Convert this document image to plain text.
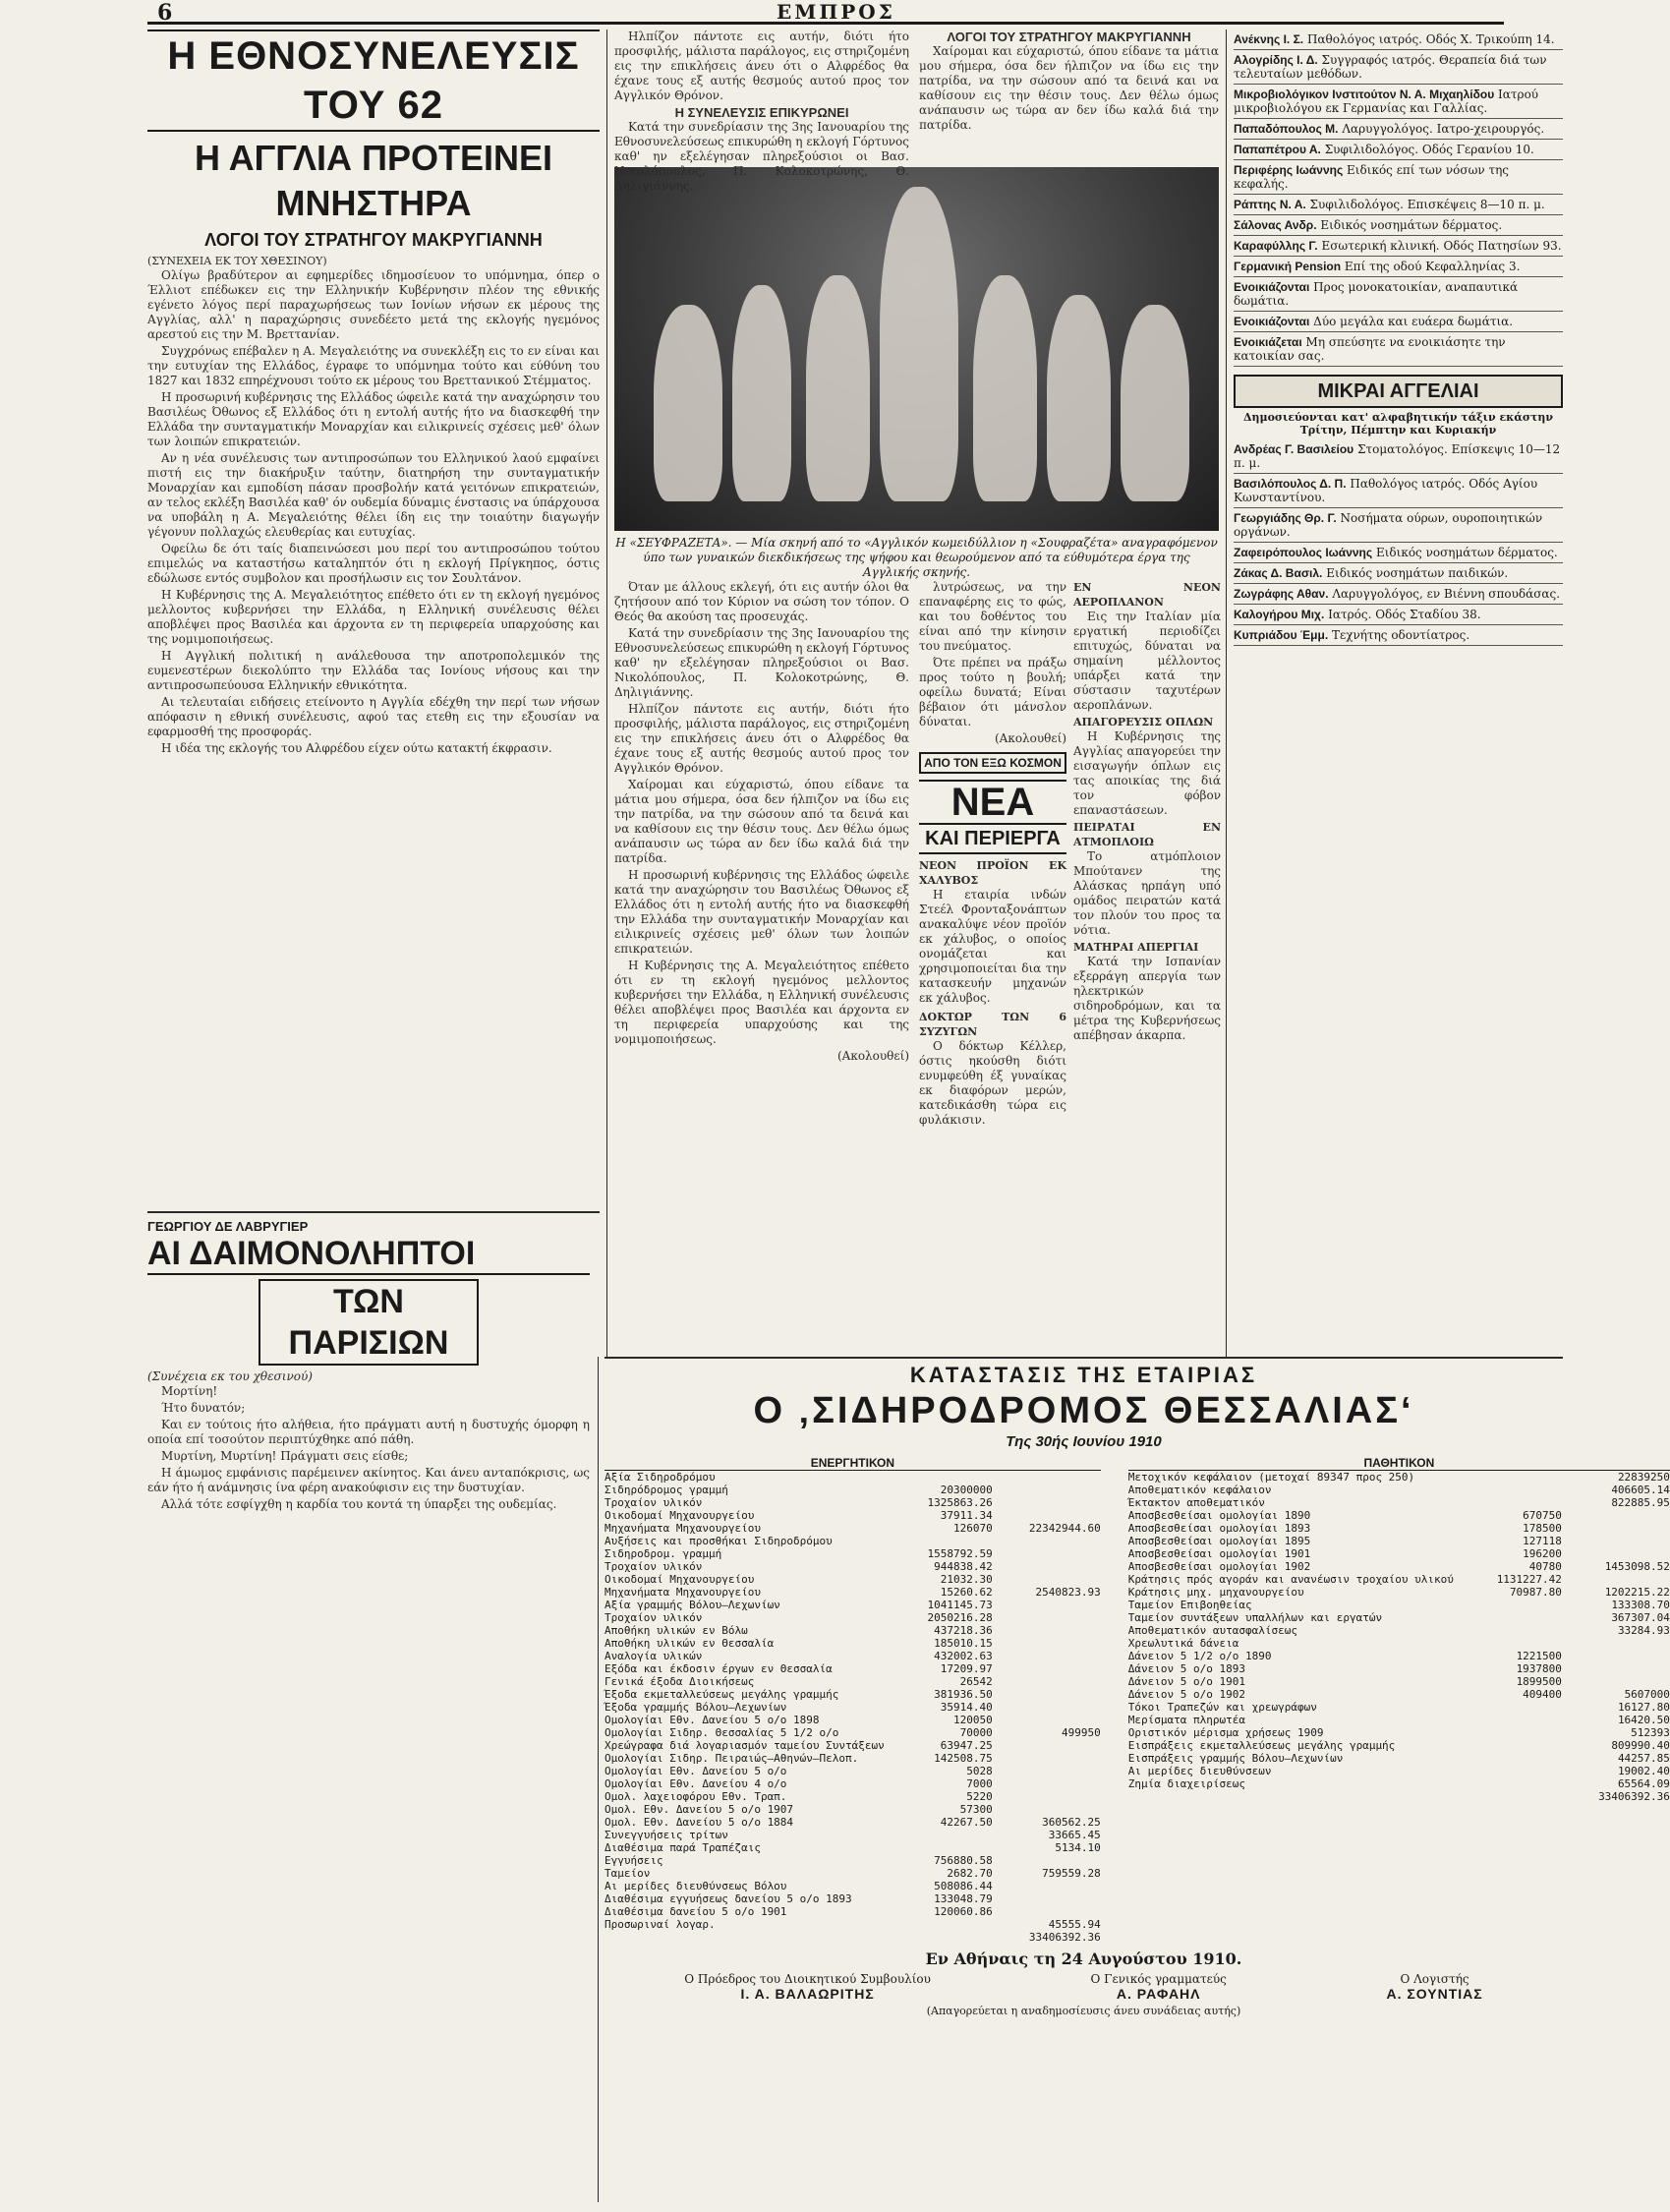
6	ΕΜΠΡΟΣ
Η ΕΘΝΟΣΥΝΕΛΕΥΣΙΣ ΤΟΥ 62
Η ΑΓΓΛΙΑ ΠΡΟΤΕΙΝΕΙ ΜΝΗΣΤΗΡΑ
ΛΟΓΟΙ ΤΟΥ ΣΤΡΑΤΗΓΟΥ ΜΑΚΡΥΓΙΑΝΝΗ
(ΣΥΝΕΧΕΙΑ ΕΚ ΤΟΥ ΧΘΕΣΙΝΟΥ)

Ολίγω βραδύτερον αι εφημερίδες ιδημοσίευον το υπόμνημα, όπερ ο Έλλιοτ επέδωκεν εις την Ελληνικήν Κυβέρνησιν πλέον της εθνικής εγένετο λόγος περί παραχωρήσεως των Ιονίων νήσων εκ μέρους της Αγγλίας, αλλ' η παραχώρησις συνεδέετο μετά της εκλογής ηγεμόνος αρεστού εις την Μ. Βρεττανίαν.

Συγχρόνως επέβαλεν η Α. Μεγαλειότης να συνεκλέξη εις το εν είναι και την ευτυχίαν της Ελλάδος, έγραφε το υπόμνημα τούτο και εύθύνη του 1827 και 1832 επηρέχνουσι τούτο εκ μέρους του Βρεττανικού Στέμματος.

Η προσωρινή κυβέρνησις της Ελλάδος ώφειλε κατά την αναχώρησιν του Βασιλέως Όθωνος εξ Ελλάδος ότι η εντολή αυτής ήτο να διασκεφθή την Ελλάδα την συνταγματικήν Μοναρχίαν και ειλικρινείς σχέσεις μεθ' όλων των λοιπών επικρατειών.

Αν η νέα συνέλευσις των αντιπροσώπων του Ελληνικού λαού εμφαίνει πιστή εις την διακήρυξιν ταύτην, διατηρήση την συνταγματικήν Μοναρχίαν και εμποδίση πάσαν προσβολήν κατά γειτόνων επικρατειών, αν τελος εκλέξη Βασιλέα καθ' όν ουδεμία δύναμις ένστασις να ύπάρχουσα να υποβάλη η Α. Μεγαλειότης θέλει ίδη εις την τοιαύτην διαγωγήν γέγονυν πολλαχώς ελευθερίας και ευτυχίας.

Οφείλω δε ότι ταίς διαπεινώσεσι μου περί του αντιπροσώπου τούτου επιμελώς να καταστήσω καταληπτόν ότι η εκλογή Πρίγκηπος, όστις εδώλωσε εντός συμβολον και προσήλωσιν εις τον Σουλτάνον.

Η Κυβέρνησις της Α. Μεγαλειότητος επέθετο ότι εν τη εκλογή ηγεμόνος μελλοντος κυβερνήσει την Ελλάδα, η Ελληνική συνέλευσις θέλει αποβλέψει προς Βασιλέα και άρχοντα εν τη περιφερεία υπαρχούσης και της νομιμοποιήσεως.

Η Αγγλική πολιτική η ανάλεθουσα την αποτροπολεμικόν της ευμενεστέρων διεκολύπτο την Ελλάδα τας Ιονίους νήσους και την αντιπροσωπεύουσα Ελληνικήν εθνικότητα.

Αι τελευταίαι ειδήσεις ετείνοντο η Αγγλία εδέχθη την περί των νήσων απόφασιν η εθνική συνέλευσις, αφού τας ετεθη εις την εξουσίαν να εφαρμοσθή της προσφοράς.

Η ιδέα της εκλογής του Αλφρέδου είχεν ούτω κατακτή έκφρασιν.

Η «ΣΕΥΦΡΑΖΕΤΑ». — Μία σκηνή από το «Αγγλικόν κωμειδύλλιον η «Σουφραζέτα» αναγραφόμενον ύπο των γυναικών διεκδικήσεως της ψήφου και θεωρούμενον από τα εύθυμότερα έργα της Αγγλικής σκηνής.

Ηλπίζον πάντοτε εις αυτήν, διότι ήτο προσφιλής, μάλιστα παράλογος, εις στηριζομένη εις την επικλήσεις άνευ ότι ο Αλφρέδος θα έχανε τους εξ αυτής θεσμούς αυτού προς τον Αγγλικόν Θρόνον.

Η ΣΥΝΕΛΕΥΣΙΣ ΕΠΙΚΥΡΩΝΕΙ

Κατά την συνεδρίασιν της 3ης Ιανουαρίου της Εθνοσυνελεύσεως επικυρώθη η εκλογή Γόρτυνος καθ' ην εξελέγησαν πληρεξούσιοι οι Βασ. Νικολόπουλος, Π. Κολοκοτρώνης, Θ. Δηλιγιάννης.

ΛΟΓΟΙ ΤΟΥ ΣΤΡΑΤΗΓΟΥ ΜΑΚΡΥΓΙΑΝΝΗ

Χαίρομαι και εύχαριστώ, όπου είδανε τα μάτια μου σήμερα, όσα δεν ήλπιζον να ίδω εις την πατρίδα, να την σώσουν από τα δεινά και να καθίσουν εις την θέσιν τους. Δεν θέλω όμως ανάπαυσιν ως τώρα αν δεν ίδω καλά διά την πατρίδα.

Όταν με άλλους εκλεγή, ότι εις αυτήν όλοι θα ζητήσουν από τον Κύριον να σώση τον τόπον. Ο Θεός θα ακούση τας προσευχάς.

Κατά την συνεδρίασιν της 3ης Ιανουαρίου της Εθνοσυνελεύσεως επικυρώθη η εκλογή Γόρτυνος καθ' ην εξελέγησαν πληρεξούσιοι οι Βασ. Νικολόπουλος, Π. Κολοκοτρώνης, Θ. Δηλιγιάννης.

Ηλπίζον πάντοτε εις αυτήν, διότι ήτο προσφιλής, μάλιστα παράλογος, εις στηριζομένη εις την επικλήσεις άνευ ότι ο Αλφρέδος θα έχανε τους εξ αυτής θεσμούς αυτού προς τον Αγγλικόν Θρόνον.

Χαίρομαι και εύχαριστώ, όπου είδανε τα μάτια μου σήμερα, όσα δεν ήλπιζον να ίδω εις την πατρίδα, να την σώσουν από τα δεινά και να καθίσουν εις την θέσιν τους. Δεν θέλω όμως ανάπαυσιν ως τώρα αν δεν ίδω καλά διά την πατρίδα.

Η προσωρινή κυβέρνησις της Ελλάδος ώφειλε κατά την αναχώρησιν του Βασιλέως Όθωνος εξ Ελλάδος ότι η εντολή αυτής ήτο να διασκεφθή την Ελλάδα την συνταγματικήν Μοναρχίαν και ειλικρινείς σχέσεις μεθ' όλων των λοιπών επικρατειών.

Η Κυβέρνησις της Α. Μεγαλειότητος επέθετο ότι εν τη εκλογή ηγεμόνος μελλοντος κυβερνήσει την Ελλάδα, η Ελληνική συνέλευσις θέλει αποβλέψει προς Βασιλέα και άρχοντα εν τη περιφερεία υπαρχούσης και της νομιμοποιήσεως.

(Ακολουθεί)

λυτρώσεως, να την επαναφέρης εις το φώς, και του δοθέντος του είναι από την κίνησιν του πνεύματος.

Ότε πρέπει να πράξω προς τούτο η βουλή; οφείλω δυνατά; Είναι βέβαιον ότι μάνσλον δύναται.

(Ακολουθεί)
ΑΠΟ ΤΟΝ ΕΞΩ ΚΟΣΜΟΝ
ΝΕΑ
ΚΑΙ ΠΕΡΙΕΡΓΑ
ΝΕΟΝ ΠΡΟΪΟΝ ΕΚ ΧΑΛΥΒΟΣ

Η εταιρία ινδών Στεέλ Φρονταξονάπτων ανακαλύψε νέον προϊόν εκ χάλυβος, ο οποίος ονομάζεται και χρησιμοποιείται δια την κατασκευήν μηχανών εκ χάλυβος.

ΔΟΚΤΩΡ ΤΩΝ 6 ΣΥΖΥΓΩΝ

Ο δόκτωρ Κέλλερ, όστις ηκούσθη διότι ενυμφεύθη έξ γυναίκας εκ διαφόρων μερών, κατεδικάσθη τώρα εις φυλάκισιν.

ΕΝ ΝΕΟΝ ΑΕΡΟΠΛΑΝΟΝ

Εις την Ιταλίαν μία εργατική περιοδίζει επιτυχώς, δύναται να σημαίνη μέλλοντος υπάρξει κατά την σύστασιν ταχυτέρων αεροπλάνων.

ΑΠΑΓΟΡΕΥΣΙΣ ΟΠΛΩΝ

Η Κυβέρνησις της Αγγλίας απαγορεύει την εισαγωγήν όπλων εις τας αποικίας της διά τον φόβον επαναστάσεων.

ΠΕΙΡΑΤΑΙ ΕΝ ΑΤΜΟΠΛΟΙΩ

Το ατμόπλοιον Μπούτανεν της Αλάσκας ηρπάγη υπό ομάδος πειρατών κατά τον πλούν του προς τα νότια.

ΜΑΤΗΡΑΙ ΑΠΕΡΓΙΑΙ

Κατά την Ισπανίαν εξερράγη απεργία των ηλεκτρικών σιδηροδρόμων, και τα μέτρα της Κυβερνήσεως απέβησαν άκαρπα.

Ανέκνης Ι. Σ. Παθολόγος ιατρός. Οδός Χ. Τρικούπη 14.
Αλογρίδης Ι. Δ. Συγγραφός ιατρός. Θεραπεία διά των τελευταίων μεθόδων.
Μικροβιολόγικον Ινστιτούτον Ν. Α. Μιχαηλίδου Ιατρού μικροβιολόγου εκ Γερμανίας και Γαλλίας.
Παπαδόπουλος Μ. Λαρυγγολόγος. Ιατρο-χειρουργός.
Παπαπέτρου Α. Συφιλιδολόγος. Οδός Γερανίου 10.
Περιφέρης Ιωάννης Ειδικός επί των νόσων της κεφαλής.
Ράπτης Ν. Α. Συφιλιδολόγος. Επισκέψεις 8—10 π. μ.
Σάλονας Ανδρ. Ειδικός νοσημάτων δέρματος.
Καραφύλλης Γ. Εσωτερική κλινική. Οδός Πατησίων 93.
Γερμανική Pension Επί της οδού Κεφαλληνίας 3.
Ενοικιάζονται Προς μονοκατοικίαν, αναπαυτικά δωμάτια.
Ενοικιάζονται Δύο μεγάλα και ευάερα δωμάτια.
Ενοικιάζεται Μη σπεύσητε να ενοικιάσητε την κατοικίαν σας.
ΜΙΚΡΑΙ ΑΓΓΕΛΙΑΙ
Δημοσιεύονται κατ' αλφαβητικήν τάξιν εκάστην Τρίτην, Πέμπτην και Κυριακήν
Ανδρέας Γ. Βασιλείου Στοματολόγος. Επίσκεψις 10—12 π. μ.
Βασιλόπουλος Δ. Π. Παθολόγος ιατρός. Οδός Αγίου Κωνσταντίνου.
Γεωργιάδης Θρ. Γ. Νοσήματα ούρων, ουροποιητικών οργάνων.
Ζαφειρόπουλος Ιωάννης Ειδικός νοσημάτων δέρματος.
Ζάκας Δ. Βασιλ. Ειδικός νοσημάτων παιδικών.
Ζωγράφης Αθαν. Λαρυγγολόγος, εν Βιέννη σπουδάσας.
Καλογήρου Μιχ. Ιατρός. Οδός Σταδίου 38.
Κυπριάδου Έμμ. Τεχνήτης οδοντίατρος.
ΓΕΩΡΓΙΟΥ ΔΕ ΛΑΒΡΥΓΙΕΡ
ΑΙ ΔΑΙΜΟΝΟΛΗΠΤΟΙ
ΤΩΝ ΠΑΡΙΣΙΩΝ
(Συνέχεια εκ του χθεσινού)

Μορτίνη!

Ήτο δυνατόν;

Και εν τούτοις ήτο αλήθεια, ήτο πράγματι αυτή η δυστυχής όμορφη η οποία επί τοσούτον περιπτύχθηκε από πάθη.

Μυρτίνη, Μυρτίνη! Πράγματι σεις είσθε;

Η άμωμος εμφάνισις παρέμεινεν ακίνητος. Και άνευ ανταπόκρισις, ως εάν ήτο ή ανάμνησις ίνα φέρη ανακούφισιν εις την δυστυχίαν.

Αλλά τότε εσφίγχθη η καρδία του κοντά τη ύπαρξει της ουδεμίας.

ΚΑΤΑΣΤΑΣΙΣ ΤΗΣ ΕΤΑΙΡΙΑΣ
Ο ‚ΣΙΔΗΡΟΔΡΟΜΟΣ ΘΕΣΣΑΛΙΑΣ‘
Της 30ής Ιουνίου 1910
ΕΝΕΡΓΗΤΙΚΟΝ
Αξία Σιδηροδρόμου
Σιδηρόδρομος γραμμή	20300000
Τροχαίον υλικόν	1325863.26
Οικοδομαί Μηχανουργείου	37911.34
Μηχανήματα Μηχανουργείου	126070	22342944.60
Αυξήσεις και προσθήκαι Σιδηροδρόμου
Σιδηροδρομ. γραμμή	1558792.59
Τροχαίον υλικόν	944838.42
Οικοδομαί Μηχανουργείου	21032.30
Μηχανήματα Μηχανουργείου	15260.62	2540823.93
Αξία γραμμής Βόλου—Λεχωνίων	1041145.73
Τροχαίον υλικόν	2050216.28
Αποθήκη υλικών εν Βόλω	437218.36
Αποθήκη υλικών εν Θεσσαλία	185010.15
Αναλογία υλικών	432002.63
Εξόδα και έκδοσιν έργων εν Θεσσαλία	17209.97
Γενικά έξοδα Διοικήσεως	26542
Έξοδα εκμεταλλεύσεως μεγάλης γραμμής	381936.50
Έξοδα γραμμής Βόλου—Λεχωνίων	35914.40
Ομολογίαι Εθν. Δανείου 5 ο/ο 1898	120050
Ομολογίαι Σιδηρ. Θεσσαλίας 5 1/2 ο/ο	70000	499950
Χρεώγραφα διά λογαριασμόν ταμείου Συντάξεων	63947.25
Ομολογίαι Σιδηρ. Πειραιώς—Αθηνών—Πελοπ.	142508.75
Ομολογίαι Εθν. Δανείου 5 ο/ο	5028
Ομολογίαι Εθν. Δανείου 4 ο/ο	7000
Ομολ. λαχειοφόρου Εθν. Τραπ.	5220
Ομολ. Εθν. Δανείου 5 ο/ο 1907	57300
Ομολ. Εθν. Δανείου 5 ο/ο 1884	42267.50	360562.25
Συνεγγυήσεις τρίτων	33665.45
Διαθέσιμα παρά Τραπέζαις	5134.10
Εγγυήσεις	756880.58
Ταμείον	2682.70	759559.28
Αι μερίδες διευθύνσεως Βόλου	508086.44
Διαθέσιμα εγγυήσεως δανείου 5 ο/ο 1893	133048.79
Διαθέσιμα δανείου 5 ο/ο 1901	120060.86
Προσωριναί λογαρ.	45555.94
33406392.36
ΠΑΘΗΤΙΚΟΝ
Μετοχικόν κεφάλαιον (μετοχαί 89347 προς 250)	22839250
Αποθεματικόν κεφάλαιον	406605.14
Έκτακτον αποθεματικόν	822885.95
Αποσβεσθείσαι ομολογίαι 1890	670750
Αποσβεσθείσαι ομολογίαι 1893	178500
Αποσβεσθείσαι ομολογίαι 1895	127118
Αποσβεσθείσαι ομολογίαι 1901	196200
Αποσβεσθείσαι ομολογίαι 1902	40780	1453098.52
Κράτησις πρός αγοράν και ανανέωσιν τροχαίου υλικού	1131227.42
Κράτησις μηχ. μηχανουργείου	70987.80	1202215.22
Ταμείον Επιβοηθείας	133308.70
Ταμείον συντάξεων υπαλλήλων και εργατών	367307.04
Αποθεματικόν αυτασφαλίσεως	33284.93
Χρεωλυτικά δάνεια
Δάνειον 5 1/2 ο/ο 1890	1221500
Δάνειον 5 ο/ο 1893	1937800
Δάνειον 5 ο/ο 1901	1899500
Δάνειον 5 ο/ο 1902	409400	5607000
Τόκοι Τραπεζών και χρεωγράφων	16127.80
Μερίσματα πληρωτέα	16420.50
Οριστικόν μέρισμα χρήσεως 1909	512393
Εισπράξεις εκμεταλλεύσεως μεγάλης γραμμής	809990.40
Εισπράξεις γραμμής Βόλου—Λεχωνίων	44257.85
Αι μερίδες διευθύνσεων	19002.40
Ζημία διαχειρίσεως	65564.09
33406392.36
Εν Αθήναις τη 24 Αυγούστου 1910.
Ο Πρόεδρος του Διοικητικού Συμβουλίου
Ι. Α. ΒΑΛΑΩΡΙΤΗΣ
Ο Γενικός γραμματεύς
Α. ΡΑΦΑΗΛ
Ο Λογιστής
Α. ΣΟΥΝΤΙΑΣ
(Απαγορεύεται η αναδημοσίευσις άνευ συνάδειας αυτής)
